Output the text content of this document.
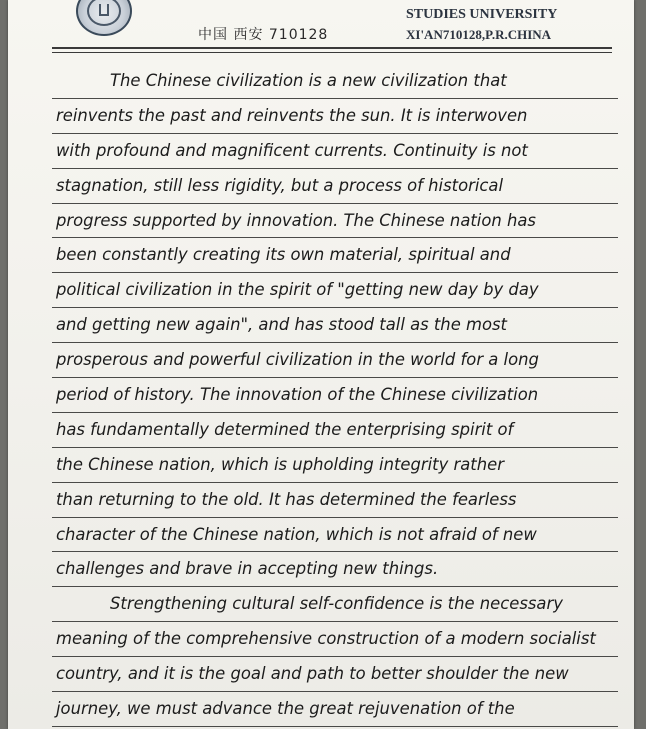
中国 西安 710128
STUDIES UNIVERSITY
XI'AN710128,P.R.CHINA
The Chinese civilization is a new civilization that
reinvents the past and reinvents the sun. It is interwoven
with profound and magnificent currents. Continuity is not
stagnation, still less rigidity, but a process of historical
progress supported by innovation. The Chinese nation has
been constantly creating its own material, spiritual and
political civilization in the spirit of "getting new day by day
and getting new again", and has stood tall as the most
prosperous and powerful civilization in the world for a long
period of history. The innovation of the Chinese civilization
has fundamentally determined the enterprising spirit of
the Chinese nation, which is upholding integrity rather
than returning to the old. It has determined the fearless
character of the Chinese nation, which is not afraid of new
challenges and brave in accepting new things.
Strengthening cultural self-confidence is the necessary
meaning of the comprehensive construction of a modern socialist
country, and it is the goal and path to better shoulder the new
journey, we must advance the great rejuvenation of the
